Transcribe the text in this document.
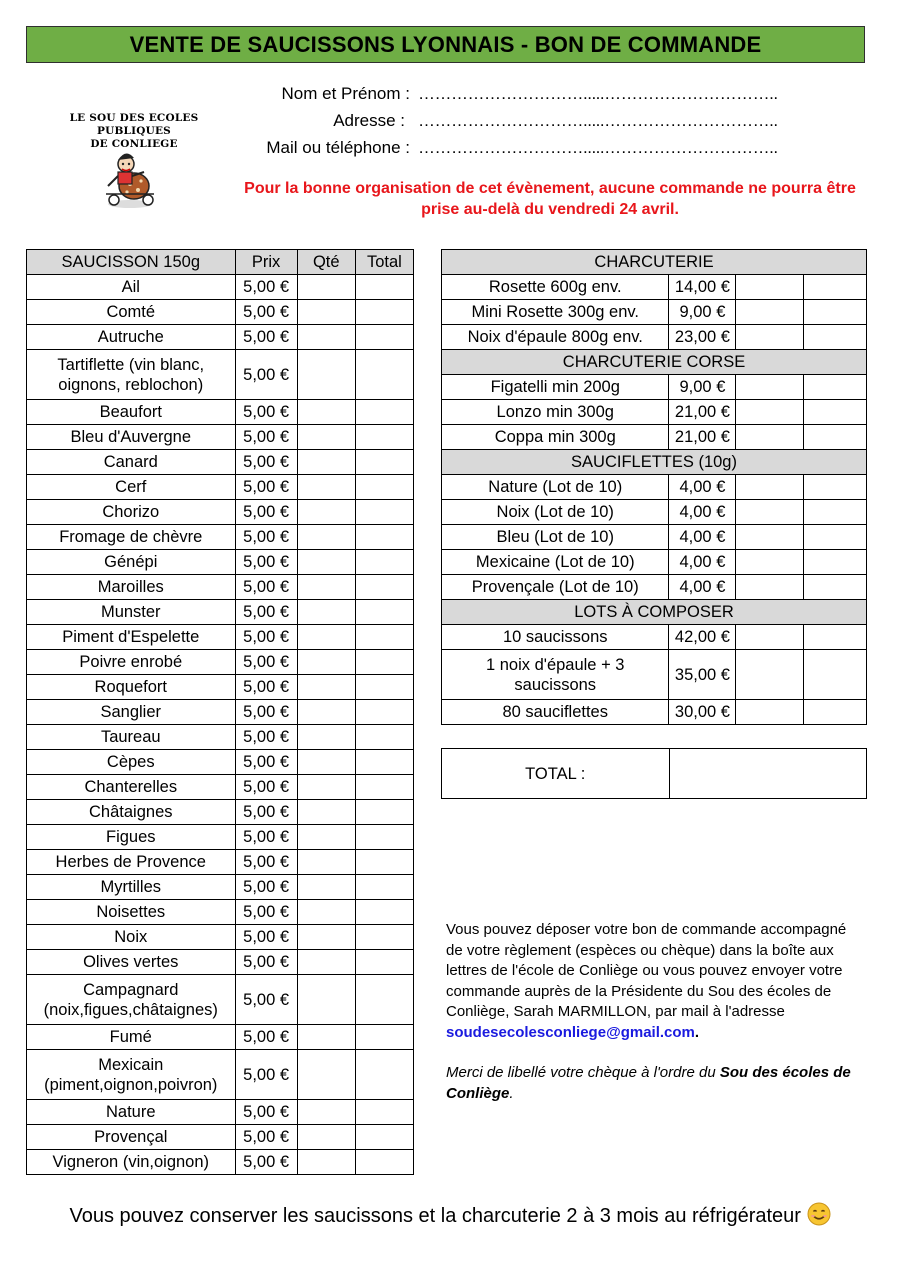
VENTE DE SAUCISSONS LYONNAIS - BON DE COMMANDE
LE SOU DES ECOLES PUBLIQUES
DE CONLIEGE
Nom et Prénom : ………………………….....…………………………..
Adresse : ………………………….....…………………………..
Mail ou téléphone : ………………………….....…………………………..
Pour la bonne organisation de cet évènement, aucune commande ne pourra être prise au-delà du vendredi 24 avril.
SAUCISSON 150g	Prix	Qté	Total
Ail	5,00 €		
Comté	5,00 €		
Autruche	5,00 €		
Tartiflette (vin blanc, oignons, reblochon)	5,00 €		
Beaufort	5,00 €		
Bleu d'Auvergne	5,00 €		
Canard	5,00 €		
Cerf	5,00 €		
Chorizo	5,00 €		
Fromage de chèvre	5,00 €		
Génépi	5,00 €		
Maroilles	5,00 €		
Munster	5,00 €		
Piment d'Espelette	5,00 €		
Poivre enrobé	5,00 €		
Roquefort	5,00 €		
Sanglier	5,00 €		
Taureau	5,00 €		
Cèpes	5,00 €		
Chanterelles	5,00 €		
Châtaignes	5,00 €		
Figues	5,00 €		
Herbes de Provence	5,00 €		
Myrtilles	5,00 €		
Noisettes	5,00 €		
Noix	5,00 €		
Olives vertes	5,00 €		
Campagnard (noix,figues,châtaignes)	5,00 €		
Fumé	5,00 €		
Mexicain (piment,oignon,poivron)	5,00 €		
Nature	5,00 €		
Provençal	5,00 €		
Vigneron (vin,oignon)	5,00 €		
CHARCUTERIE			
Rosette 600g env.	14,00 €		
Mini Rosette 300g env.	9,00 €		
Noix d'épaule 800g env.	23,00 €		
CHARCUTERIE CORSE			
Figatelli min 200g	9,00 €		
Lonzo min 300g	21,00 €		
Coppa min 300g	21,00 €		
SAUCIFLETTES (10g)			
Nature (Lot de 10)	4,00 €		
Noix (Lot de 10)	4,00 €		
Bleu (Lot de 10)	4,00 €		
Mexicaine (Lot de 10)	4,00 €		
Provençale (Lot de 10)	4,00 €		
LOTS À COMPOSER			
10 saucissons	42,00 €		
1 noix d'épaule + 3 saucissons	35,00 €		
80 sauciflettes	30,00 €		
TOTAL :	
Vous pouvez déposer votre bon de commande accompagné de votre règlement (espèces ou chèque) dans la boîte aux lettres de l'école de Conliège ou vous pouvez envoyer votre commande auprès de la Présidente du Sou des écoles de Conliège, Sarah MARMILLON, par mail à l'adresse
soudesecolesconliege@gmail.com.
Merci de libellé votre chèque à l'ordre du Sou des écoles de Conliège.
Vous pouvez conserver les saucissons et la charcuterie 2 à 3 mois au réfrigérateur
